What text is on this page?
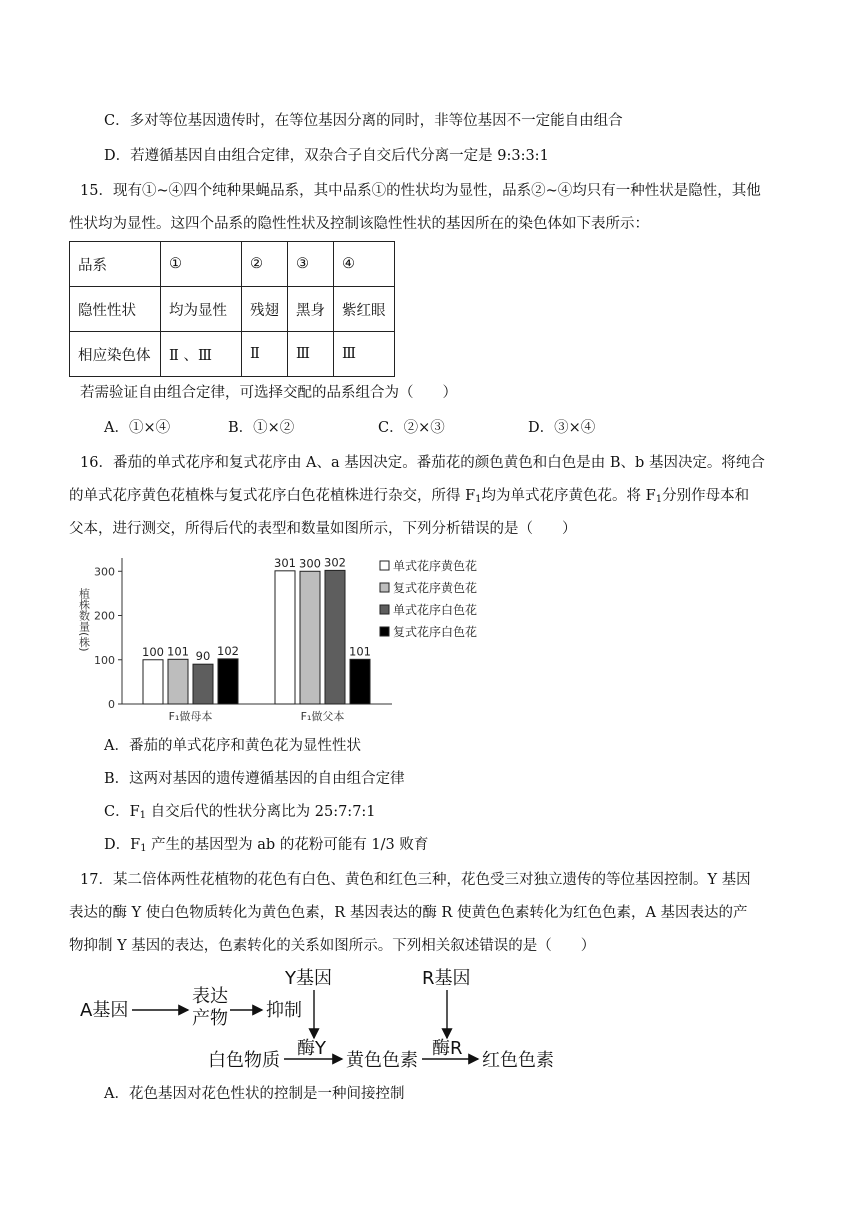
C．多对等位基因遗传时，在等位基因分离的同时，非等位基因不一定能自由组合
D．若遵循基因自由组合定律，双杂合子自交后代分离一定是 9:3:3:1
15．现有①~④四个纯种果蝇品系，其中品系①的性状均为显性，品系②~④均只有一种性状是隐性，其他
性状均为显性。这四个品系的隐性性状及控制该隐性性状的基因所在的染色体如下表所示：
品系	①	②	③	④
隐性性状	均为显性	残翅	黑身	紫红眼
相应染色体	Ⅱ 、Ⅲ	Ⅱ	Ⅲ	Ⅲ
若需验证自由组合定律，可选择交配的品系组合为（　　）
A．①×④	B．①×②	C．②×③	D．③×④
16．番茄的单式花序和复式花序由 A、a 基因决定。番茄花的颜色黄色和白色是由 B、b 基因决定。将纯合
的单式花序黄色花植株与复式花序白色花植株进行杂交，所得 $F_1$均为单式花序黄色花。将 $F_1$分别作母本和
父本，进行测交，所得后代的表型和数量如图所示，下列分析错误的是（　　）
0
100
200
300
植株数量(株)
100 101 90 102
F₁做母本
301 300 302
101
F₁做父本
单式花序黄色花
复式花序黄色花
单式花序白色花
复式花序白色花
A．番茄的单式花序和黄色花为显性性状
B．这两对基因的遗传遵循基因的自由组合定律
C．$F_1$ 自交后代的性状分离比为 25:7:7:1
D．$F_1$ 产生的基因型为 ab 的花粉可能有 1/3 败育
17．某二倍体两性花植物的花色有白色、黄色和红色三种，花色受三对独立遗传的等位基因控制。Y 基因
表达的酶 Y 使白色物质转化为黄色色素，R 基因表达的酶 R 使黄色色素转化为红色色素，A 基因表达的产
物抑制 Y 基因的表达，色素转化的关系如图所示。下列相关叙述错误的是（　　）
A基因
表达
产物 抑制
Y基因	R基因
白色物质
酶Y
黄色色素
酶R
红色色素
A．花色基因对花色性状的控制是一种间接控制
